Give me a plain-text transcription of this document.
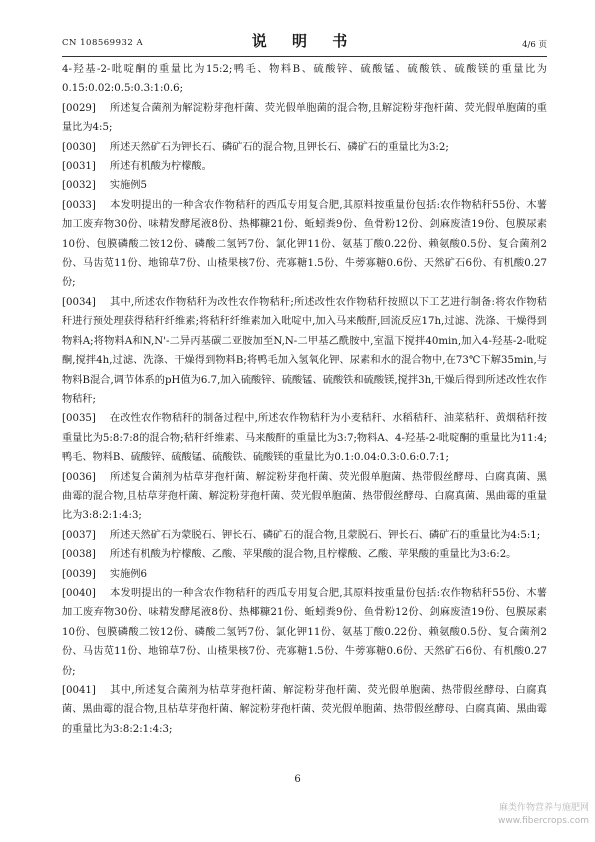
CN 108569932 A	说 明 书	4/6 页

4-羟基-2-吡啶酮的重量比为15:2;鸭毛、物料B、硫酸锌、硫酸锰、硫酸铁、硫酸镁的重量比为0.15:0.02:0.5:0.3:1:0.6;

[0029] 所述复合菌剂为解淀粉芽孢杆菌、荧光假单胞菌的混合物,且解淀粉芽孢杆菌、荧光假单胞菌的重量比为4:5;

[0030] 所述天然矿石为钾长石、磷矿石的混合物,且钾长石、磷矿石的重量比为3:2;

[0031] 所述有机酸为柠檬酸。

[0032] 实施例5

[0033] 本发明提出的一种含农作物秸秆的西瓜专用复合肥,其原料按重量份包括:农作物秸秆55份、木薯加工废弃物30份、味精发酵尾液8份、热椰糠21份、蚯蚓粪9份、鱼骨粉12份、剑麻废渣19份、包膜尿素10份、包膜磷酸二铵12份、磷酸二氢钙7份、氯化钾11份、氨基丁酸0.22份、赖氨酸0.5份、复合菌剂2份、马齿苋11份、地锦草7份、山楂果核7份、壳寡糖1.5份、牛蒡寡糖0.6份、天然矿石6份、有机酸0.27份;

[0034] 其中,所述农作物秸秆为改性农作物秸秆;所述改性农作物秸秆按照以下工艺进行制备:将农作物秸秆进行预处理获得秸秆纤维素;将秸秆纤维素加入吡啶中,加入马来酸酐,回流反应17h,过滤、洗涤、干燥得到物料A;将物料A和N,N'-二异丙基碳二亚胺加至N,N-二甲基乙酰胺中,室温下搅拌40min,加入4-羟基-2-吡啶酮,搅拌4h,过滤、洗涤、干燥得到物料B;将鸭毛加入氢氧化钾、尿素和水的混合物中,在73℃下解35min,与物料B混合,调节体系的pH值为6.7,加入硫酸锌、硫酸锰、硫酸铁和硫酸镁,搅拌3h,干燥后得到所述改性农作物秸秆;

[0035] 在改性农作物秸秆的制备过程中,所述农作物秸秆为小麦秸秆、水稻秸秆、油菜秸秆、黄烟秸秆按重量比为5:8:7:8的混合物;秸秆纤维素、马来酸酐的重量比为3:7;物料A、4-羟基-2-吡啶酮的重量比为11:4;鸭毛、物料B、硫酸锌、硫酸锰、硫酸铁、硫酸镁的重量比为0.1:0.04:0.3:0.6:0.7:1;

[0036] 所述复合菌剂为枯草芽孢杆菌、解淀粉芽孢杆菌、荧光假单胞菌、热带假丝酵母、白腐真菌、黑曲霉的混合物,且枯草芽孢杆菌、解淀粉芽孢杆菌、荧光假单胞菌、热带假丝酵母、白腐真菌、黑曲霉的重量比为3:8:2:1:4:3;

[0037] 所述天然矿石为蒙脱石、钾长石、磷矿石的混合物,且蒙脱石、钾长石、磷矿石的重量比为4:5:1;

[0038] 所述有机酸为柠檬酸、乙酸、苹果酸的混合物,且柠檬酸、乙酸、苹果酸的重量比为3:6:2。

[0039] 实施例6

[0040] 本发明提出的一种含农作物秸秆的西瓜专用复合肥,其原料按重量份包括:农作物秸秆55份、木薯加工废弃物30份、味精发酵尾液8份、热椰糠21份、蚯蚓粪9份、鱼骨粉12份、剑麻废渣19份、包膜尿素10份、包膜磷酸二铵12份、磷酸二氢钙7份、氯化钾11份、氨基丁酸0.22份、赖氨酸0.5份、复合菌剂2份、马齿苋11份、地锦草7份、山楂果核7份、壳寡糖1.5份、牛蒡寡糖0.6份、天然矿石6份、有机酸0.27份;

[0041] 其中,所述复合菌剂为枯草芽孢杆菌、解淀粉芽孢杆菌、荧光假单胞菌、热带假丝酵母、白腐真菌、黑曲霉的混合物,且枯草芽孢杆菌、解淀粉芽孢杆菌、荧光假单胞菌、热带假丝酵母、白腐真菌、黑曲霉的重量比为3:8:2:1:4:3;

6
麻类作物营养与施肥网
www.fibercrops.com
